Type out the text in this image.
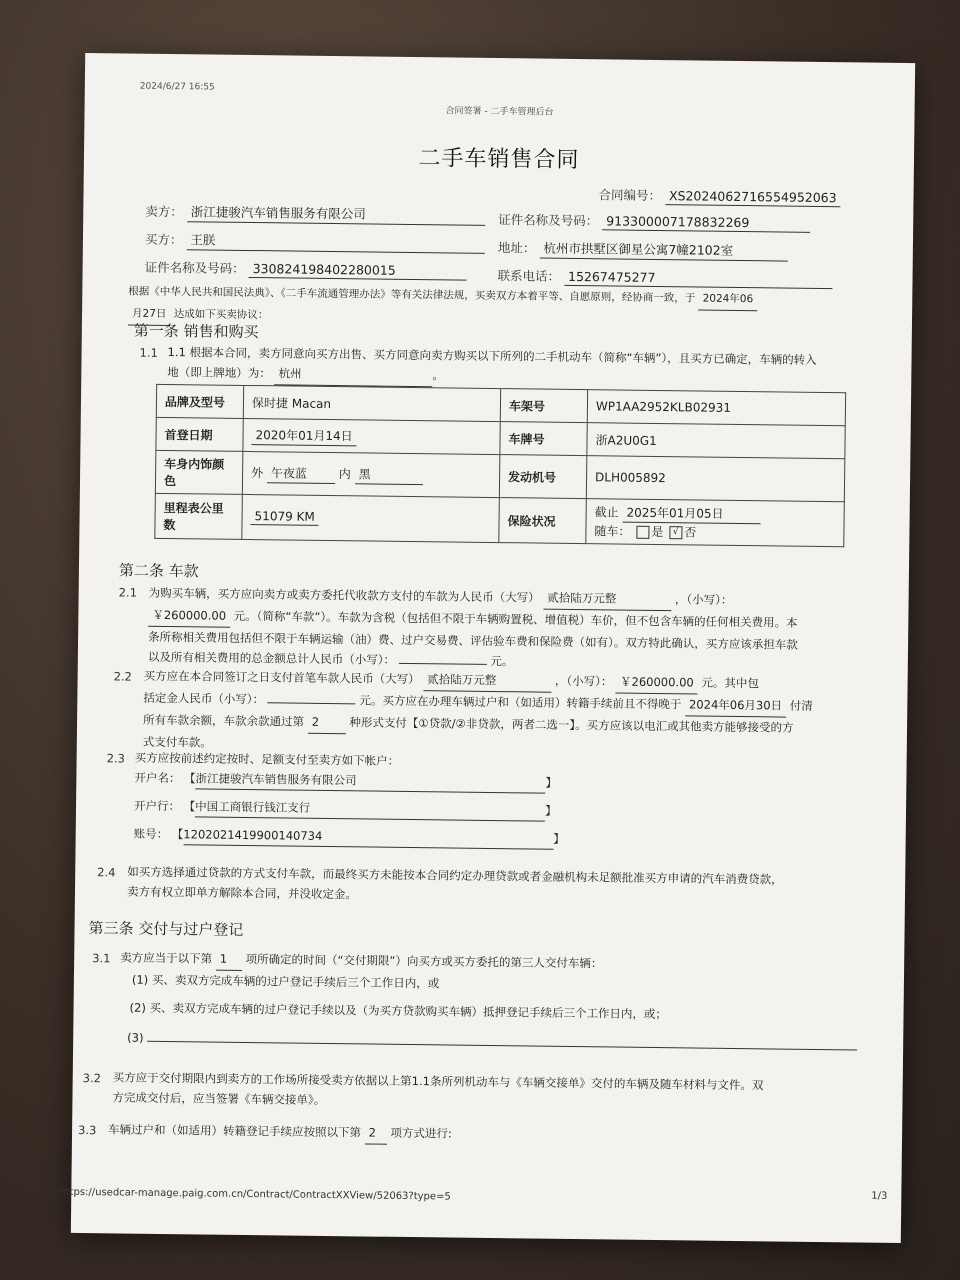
2024/6/27 16:55
合同签署 - 二手车管理后台
二手车销售合同
合同编号： XS2024062716554952063
卖方： 浙江捷骏汽车销售服务有限公司	证件名称及号码： 913300007178832269
买方： 王朕
地址： 杭州市拱墅区御星公寓7幢2102室
证件名称及号码： 330824198402280015	联系电话： 15267475277
根据《中华人民共和国民法典》、《二手车流通管理办法》等有关法律法规，买卖双方本着平等、自愿原则，经协商一致，于 2024年06
月27日 达成如下买卖协议：
第一条 销售和购买
1.1 1.1 根据本合同，卖方同意向买方出售、买方同意向卖方购买以下所列的二手机动车（简称“车辆”），且买方已确定，车辆的转入
地（即上牌地）为： 杭州	。
品牌及型号	保时捷 Macan	车架号	WP1AA2952KLB02931
首登日期	2020年01月14日	车牌号	浙A2U0G1
车身内饰颜色	外 午夜蓝 内 黑	发动机号	DLH005892
里程表公里数	51079 KM	保险状况	截止 2025年01月05日
随车： 是 √ 否
第二条 车款
2.1 为购买车辆，买方应向卖方或卖方委托代收款方支付的车款为人民币（大写） 贰拾陆万元整	，（小写）：
￥260000.00 元。（简称“车款”）。车款为含税（包括但不限于车辆购置税、增值税）车价，但不包含车辆的任何相关费用。本
条所称相关费用包括但不限于车辆运输（油）费、过户交易费、评估验车费和保险费（如有）。双方特此确认，买方应该承担车款
以及所有相关费用的总金额总计人民币（小写）：	元。
2.2 买方应在本合同签订之日支付首笔车款人民币（大写） 贰拾陆万元整	，（小写）： ￥260000.00 元。其中包
括定金人民币（小写）：	元。买方应在办理车辆过户和（如适用）转籍手续前且不得晚于 2024年06月30日 付清
所有车款余额，车款余款通过第 2	种形式支付【①贷款/②非贷款，两者二选一】。买方应该以电汇或其他卖方能够接受的方
式支付车款。
2.3 买方应按前述约定按时、足额支付至卖方如下帐户：
开户名： 【浙江捷骏汽车销售服务有限公司	】
开户行： 【中国工商银行钱江支行	】
账号： 【1202021419900140734	】
2.4 如买方选择通过贷款的方式支付车款，而最终买方未能按本合同约定办理贷款或者金融机构未足额批准买方申请的汽车消费贷款，
卖方有权立即单方解除本合同，并没收定金。
第三条 交付与过户登记
3.1 卖方应当于以下第 1 项所确定的时间（“交付期限”）向买方或买方委托的第三人交付车辆：
(1) 买、卖双方完成车辆的过户登记手续后三个工作日内，或
(2) 买、卖双方完成车辆的过户登记手续以及（为买方贷款购买车辆）抵押登记手续后三个工作日内，或；
(3)
3.2 买方应于交付期限内到卖方的工作场所接受卖方依据以上第1.1条所列机动车与《车辆交接单》交付的车辆及随车材料与文件。双
方完成交付后，应当签署《车辆交接单》。
3.3 车辆过户和（如适用）转籍登记手续应按照以下第 2 项方式进行:
https://usedcar-manage.paig.com.cn/Contract/ContractXXView/52063?type=5	1/3
